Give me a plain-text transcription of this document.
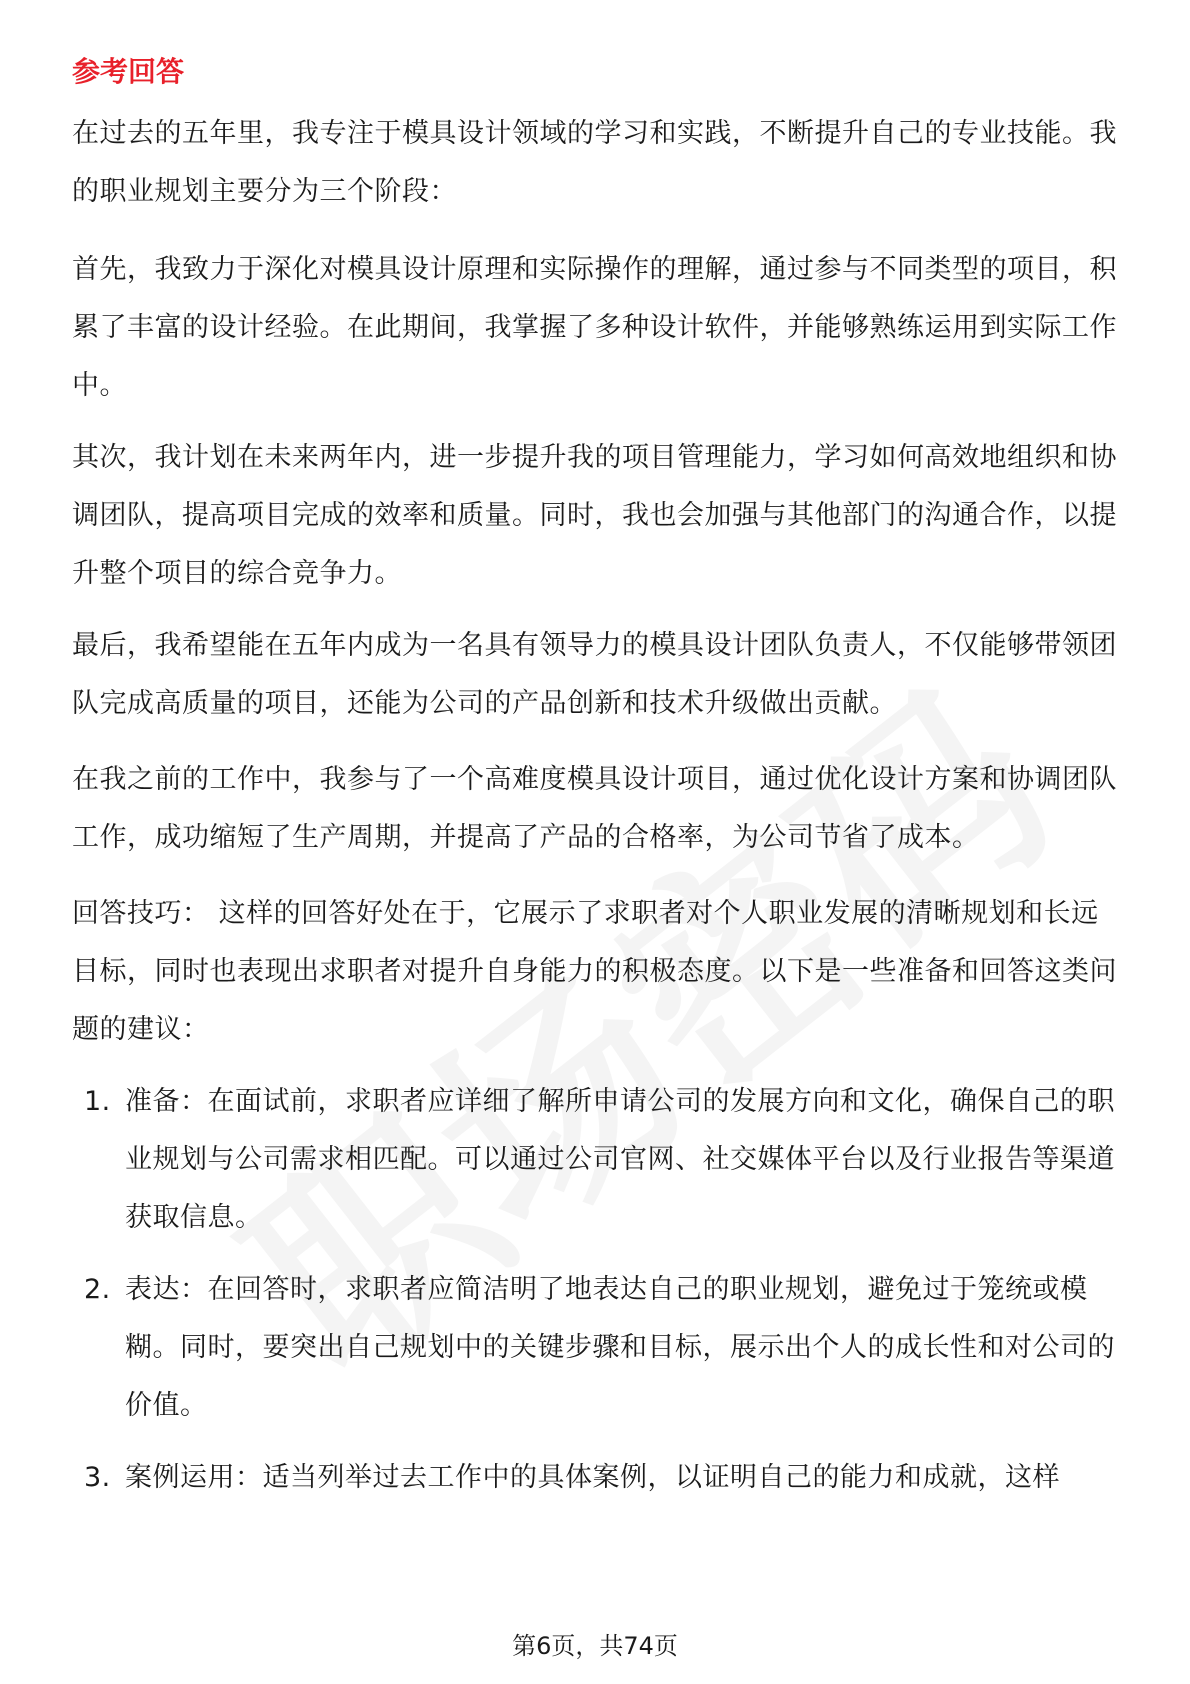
参考回答

在过去的五年里，我专注于模具设计领域的学习和实践，不断提升自己的专业技能。我的职业规划主要分为三个阶段：

首先，我致力于深化对模具设计原理和实际操作的理解，通过参与不同类型的项目，积累了丰富的设计经验。在此期间，我掌握了多种设计软件，并能够熟练运用到实际工作中。

其次，我计划在未来两年内，进一步提升我的项目管理能力，学习如何高效地组织和协调团队，提高项目完成的效率和质量。同时，我也会加强与其他部门的沟通合作，以提升整个项目的综合竞争力。

最后，我希望能在五年内成为一名具有领导力的模具设计团队负责人，不仅能够带领团队完成高质量的项目，还能为公司的产品创新和技术升级做出贡献。

在我之前的工作中，我参与了一个高难度模具设计项目，通过优化设计方案和协调团队工作，成功缩短了生产周期，并提高了产品的合格率，为公司节省了成本。

回答技巧： 这样的回答好处在于，它展示了求职者对个人职业发展的清晰规划和长远目标，同时也表现出求职者对提升自身能力的积极态度。以下是一些准备和回答这类问题的建议：

1. 准备：在面试前，求职者应详细了解所申请公司的发展方向和文化，确保自己的职业规划与公司需求相匹配。可以通过公司官网、社交媒体平台以及行业报告等渠道获取信息。
2. 表达：在回答时，求职者应简洁明了地表达自己的职业规划，避免过于笼统或模糊。同时，要突出自己规划中的关键步骤和目标，展示出个人的成长性和对公司的价值。
3. 案例运用：适当列举过去工作中的具体案例，以证明自己的能力和成就，这样
第6页，共74页
